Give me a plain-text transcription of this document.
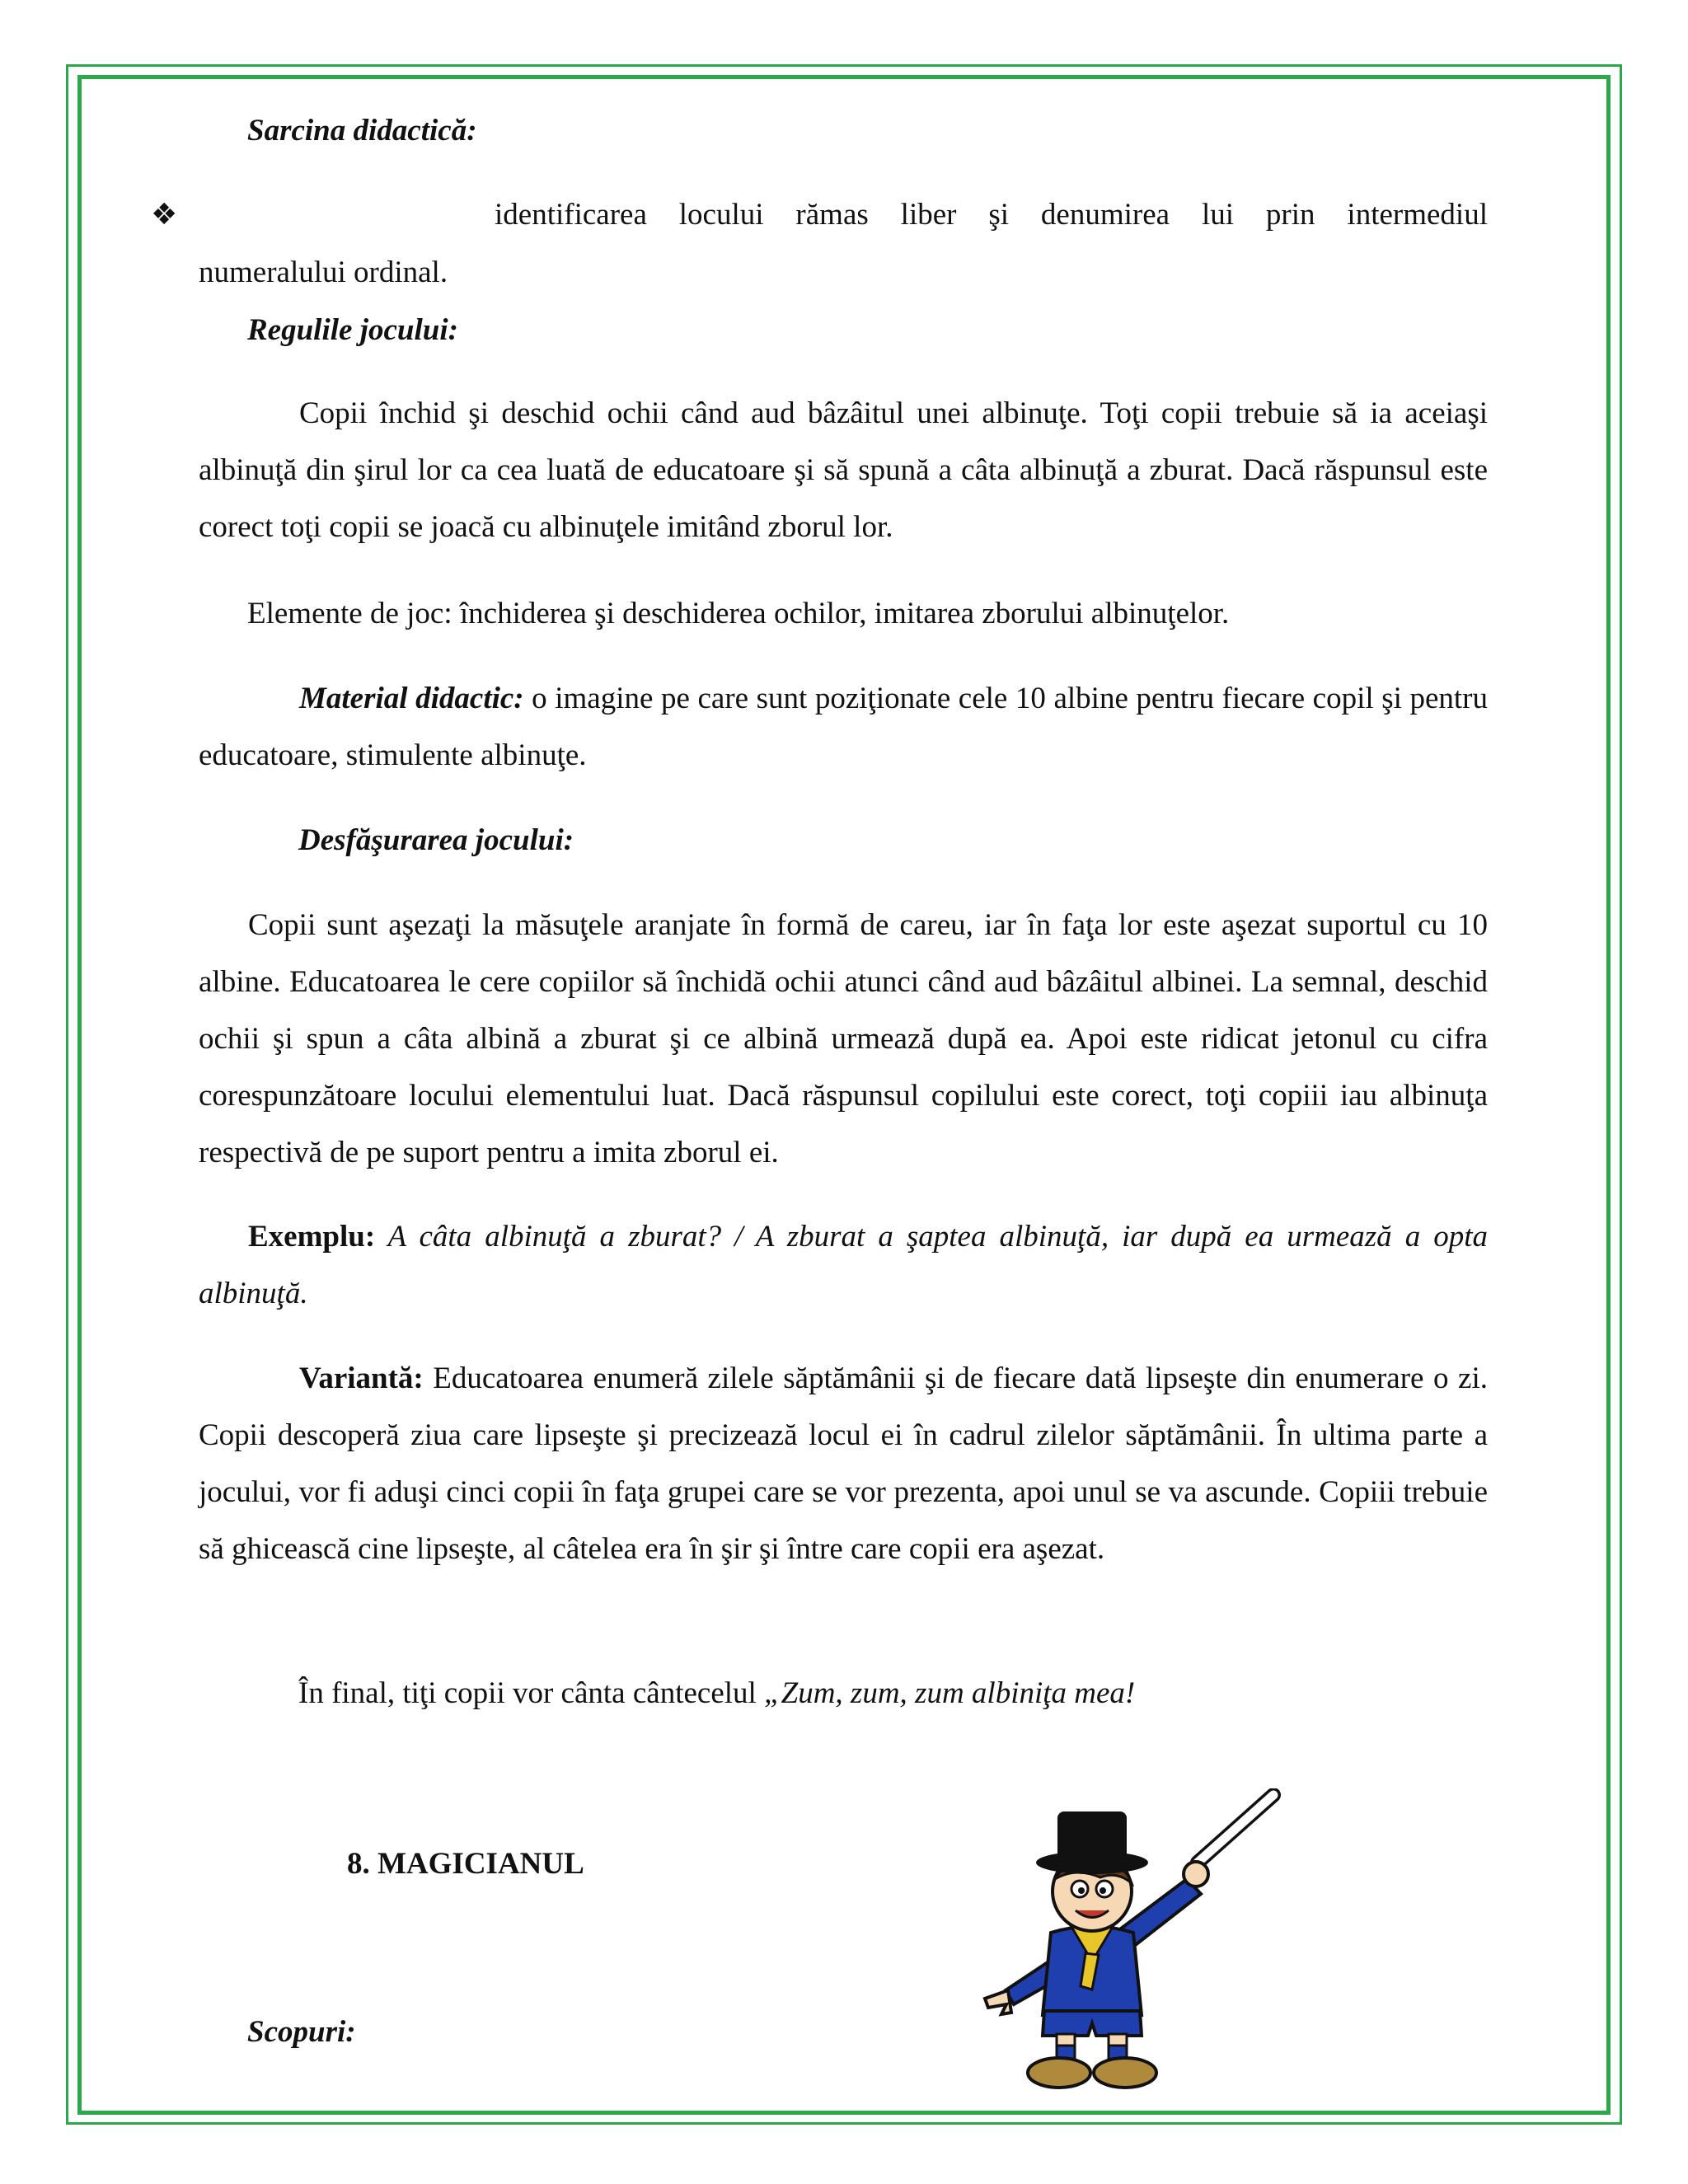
Sarcina didactică:

❖	identificarea locului rămas liber şi denumirea lui prin intermediul

numeralului ordinal.

Regulile jocului:

Copii închid şi deschid ochii când aud bâzâitul unei albinuţe. Toţi copii trebuie să ia aceiaşi albinuţă din şirul lor ca cea luată de educatoare şi să spună a câta albinuţă a zburat. Dacă răspunsul este corect toţi copii se joacă cu albinuţele imitând zborul lor.

Elemente de joc: închiderea şi deschiderea ochilor, imitarea zborului albinuţelor.

Material didactic: o imagine pe care sunt poziţionate cele 10 albine pentru fiecare copil şi pentru educatoare, stimulente albinuţe.

Desfăşurarea jocului:

Copii sunt aşezaţi la măsuţele aranjate în formă de careu, iar în faţa lor este aşezat suportul cu 10 albine. Educatoarea le cere copiilor să închidă ochii atunci când aud bâzâitul albinei. La semnal, deschid ochii şi spun a câta albină a zburat şi ce albină urmează după ea. Apoi este ridicat jetonul cu cifra corespunzătoare locului elementului luat. Dacă răspunsul copilului este corect, toţi copiii iau albinuţa respectivă de pe suport pentru a imita zborul ei.

Exemplu: A câta albinuţă a zburat? / A zburat a şaptea albinuţă, iar după ea urmează a opta albinuţă.

Variantă: Educatoarea enumeră zilele săptămânii şi de fiecare dată lipseşte din enumerare o zi. Copii descoperă ziua care lipseşte şi precizează locul ei în cadrul zilelor săptămânii. În ultima parte a jocului, vor fi aduşi cinci copii în faţa grupei care se vor prezenta, apoi unul se va ascunde. Copiii trebuie să ghicească cine lipseşte, al câtelea era în şir şi între care copii era aşezat.

În final, tiţi copii vor cânta cântecelul „Zum, zum, zum albiniţa mea!

8. MAGICIANUL

Scopuri:
